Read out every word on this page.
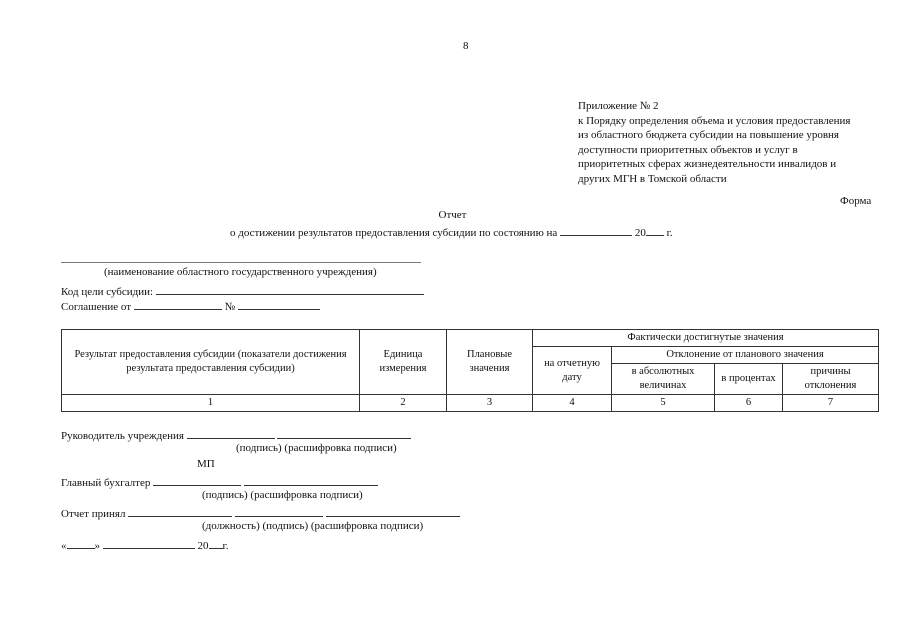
8
Приложение № 2
к Порядку определения объема и условия предоставления
из областного бюджета субсидии на повышение уровня
доступности приоритетных объектов и услуг в
приоритетных сферах жизнедеятельности инвалидов и
других МГН в Томской области
Форма
Отчет
о достижении результатов предоставления субсидии по состоянию на	20 г.
(наименование областного государственного учреждения)
Код цели субсидии:
Соглашение от	№
Результат предоставления субсидии (показатели достижения результата предоставления субсидии)	Единица измерения	Плановые значения	Фактически достигнутые значения			
			на отчетную дату	Отклонение от планового значения		
				в абсолютных величинах	в процентах	причины отклонения
1	2	3	4	5	6	7
Руководитель учреждения
(подпись) (расшифровка подписи)
МП
Главный бухгалтер
(подпись) (расшифровка подписи)
Отчет принял
(должность) (подпись) (расшифровка подписи)
«	»	20 г.
